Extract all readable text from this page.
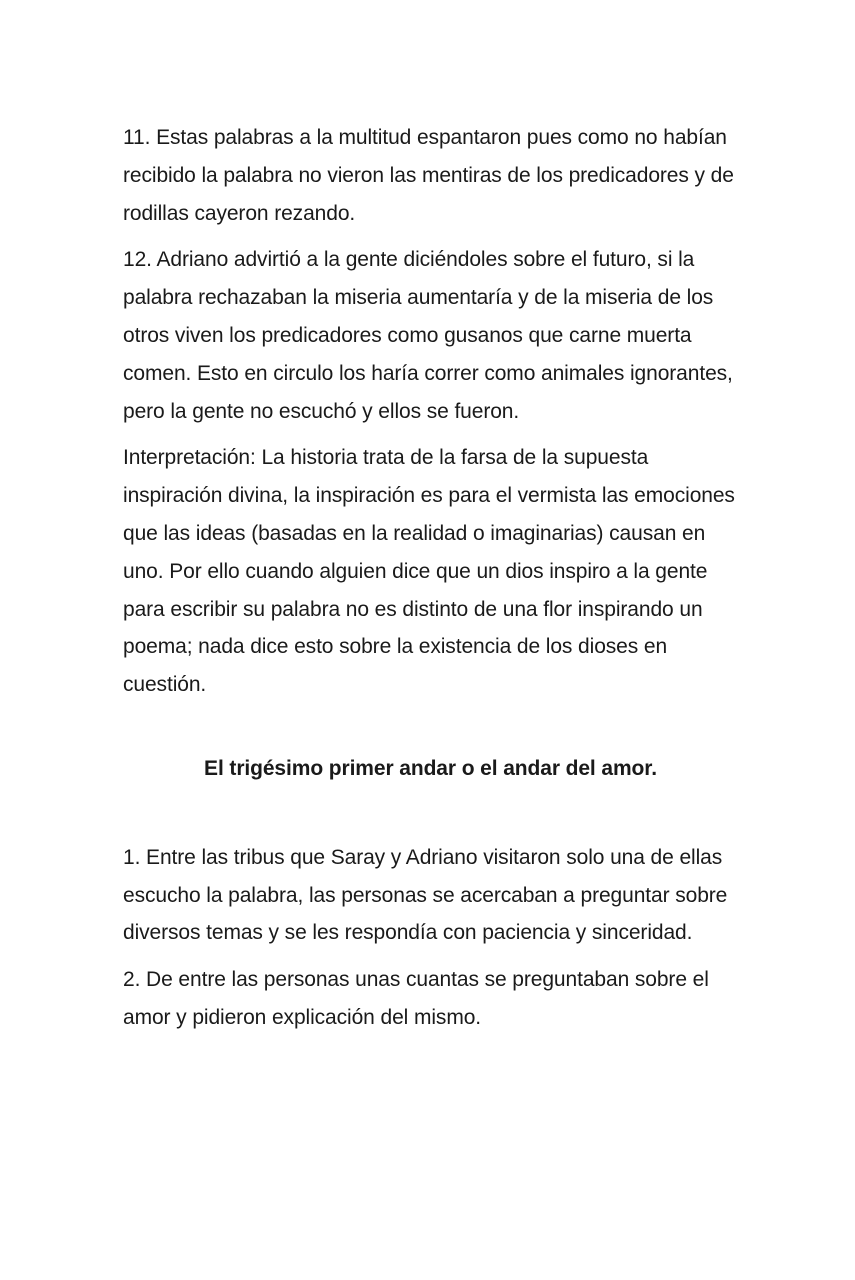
11. Estas palabras a la multitud espantaron pues como no habían recibido la palabra no vieron las mentiras de los predicadores y de rodillas cayeron rezando.

12. Adriano advirtió a la gente diciéndoles sobre el futuro, si la palabra rechazaban la miseria aumentaría y de la miseria de los otros viven los predicadores como gusanos que carne muerta comen. Esto en circulo los haría correr como animales ignorantes, pero la gente no escuchó y ellos se fueron.

Interpretación: La historia trata de la farsa de la supuesta inspiración divina, la inspiración es para el vermista las emociones que las ideas (basadas en la realidad o imaginarias) causan en uno. Por ello cuando alguien dice que un dios inspiro a la gente para escribir su palabra no es distinto de una flor inspirando un poema; nada dice esto sobre la existencia de los dioses en cuestión.

El trigésimo primer andar o el andar del amor.

1. Entre las tribus que Saray y Adriano visitaron solo una de ellas escucho la palabra, las personas se acercaban a preguntar sobre diversos temas y se les respondía con paciencia y sinceridad.

2. De entre las personas unas cuantas se preguntaban sobre el amor y pidieron explicación del mismo.
